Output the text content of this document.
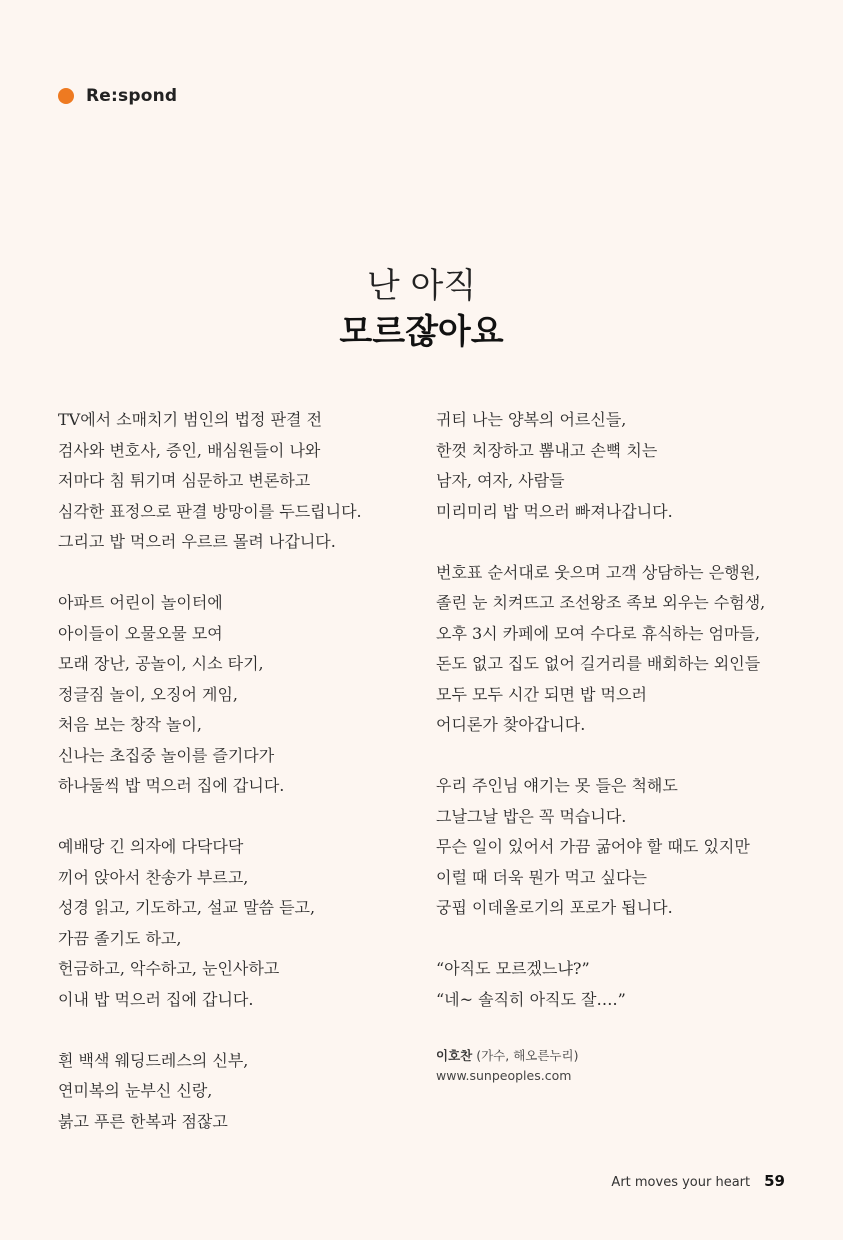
Re:spond
난 아직
모르잖아요
TV에서 소매치기 범인의 법정 판결 전
검사와 변호사, 증인, 배심원들이 나와
저마다 침 튀기며 심문하고 변론하고
심각한 표정으로 판결 방망이를 두드립니다.
그리고 밥 먹으러 우르르 몰려 나갑니다.
아파트 어린이 놀이터에
아이들이 오물오물 모여
모래 장난, 공놀이, 시소 타기,
정글짐 놀이, 오징어 게임,
처음 보는 창작 놀이,
신나는 초집중 놀이를 즐기다가
하나둘씩 밥 먹으러 집에 갑니다.
예배당 긴 의자에 다닥다닥
끼어 앉아서 찬송가 부르고,
성경 읽고, 기도하고, 설교 말씀 듣고,
가끔 졸기도 하고,
헌금하고, 악수하고, 눈인사하고
이내 밥 먹으러 집에 갑니다.
흰 백색 웨딩드레스의 신부,
연미복의 눈부신 신랑,
붉고 푸른 한복과 점잖고
귀티 나는 양복의 어르신들,
한껏 치장하고 뽐내고 손뼉 치는
남자, 여자, 사람들
미리미리 밥 먹으러 빠져나갑니다.
번호표 순서대로 웃으며 고객 상담하는 은행원,
졸린 눈 치켜뜨고 조선왕조 족보 외우는 수험생,
오후 3시 카페에 모여 수다로 휴식하는 엄마들,
돈도 없고 집도 없어 길거리를 배회하는 외인들
모두 모두 시간 되면 밥 먹으러
어디론가 찾아갑니다.
우리 주인님 얘기는 못 들은 척해도
그날그날 밥은 꼭 먹습니다.
무슨 일이 있어서 가끔 굶어야 할 때도 있지만
이럴 때 더욱 뭔가 먹고 싶다는
궁핍 이데올로기의 포로가 됩니다.
“아직도 모르겠느냐?”
“네~ 솔직히 아직도 잘….”
이호찬 (가수, 해오른누리)
www.sunpeoples.com
Art moves your heart 59
